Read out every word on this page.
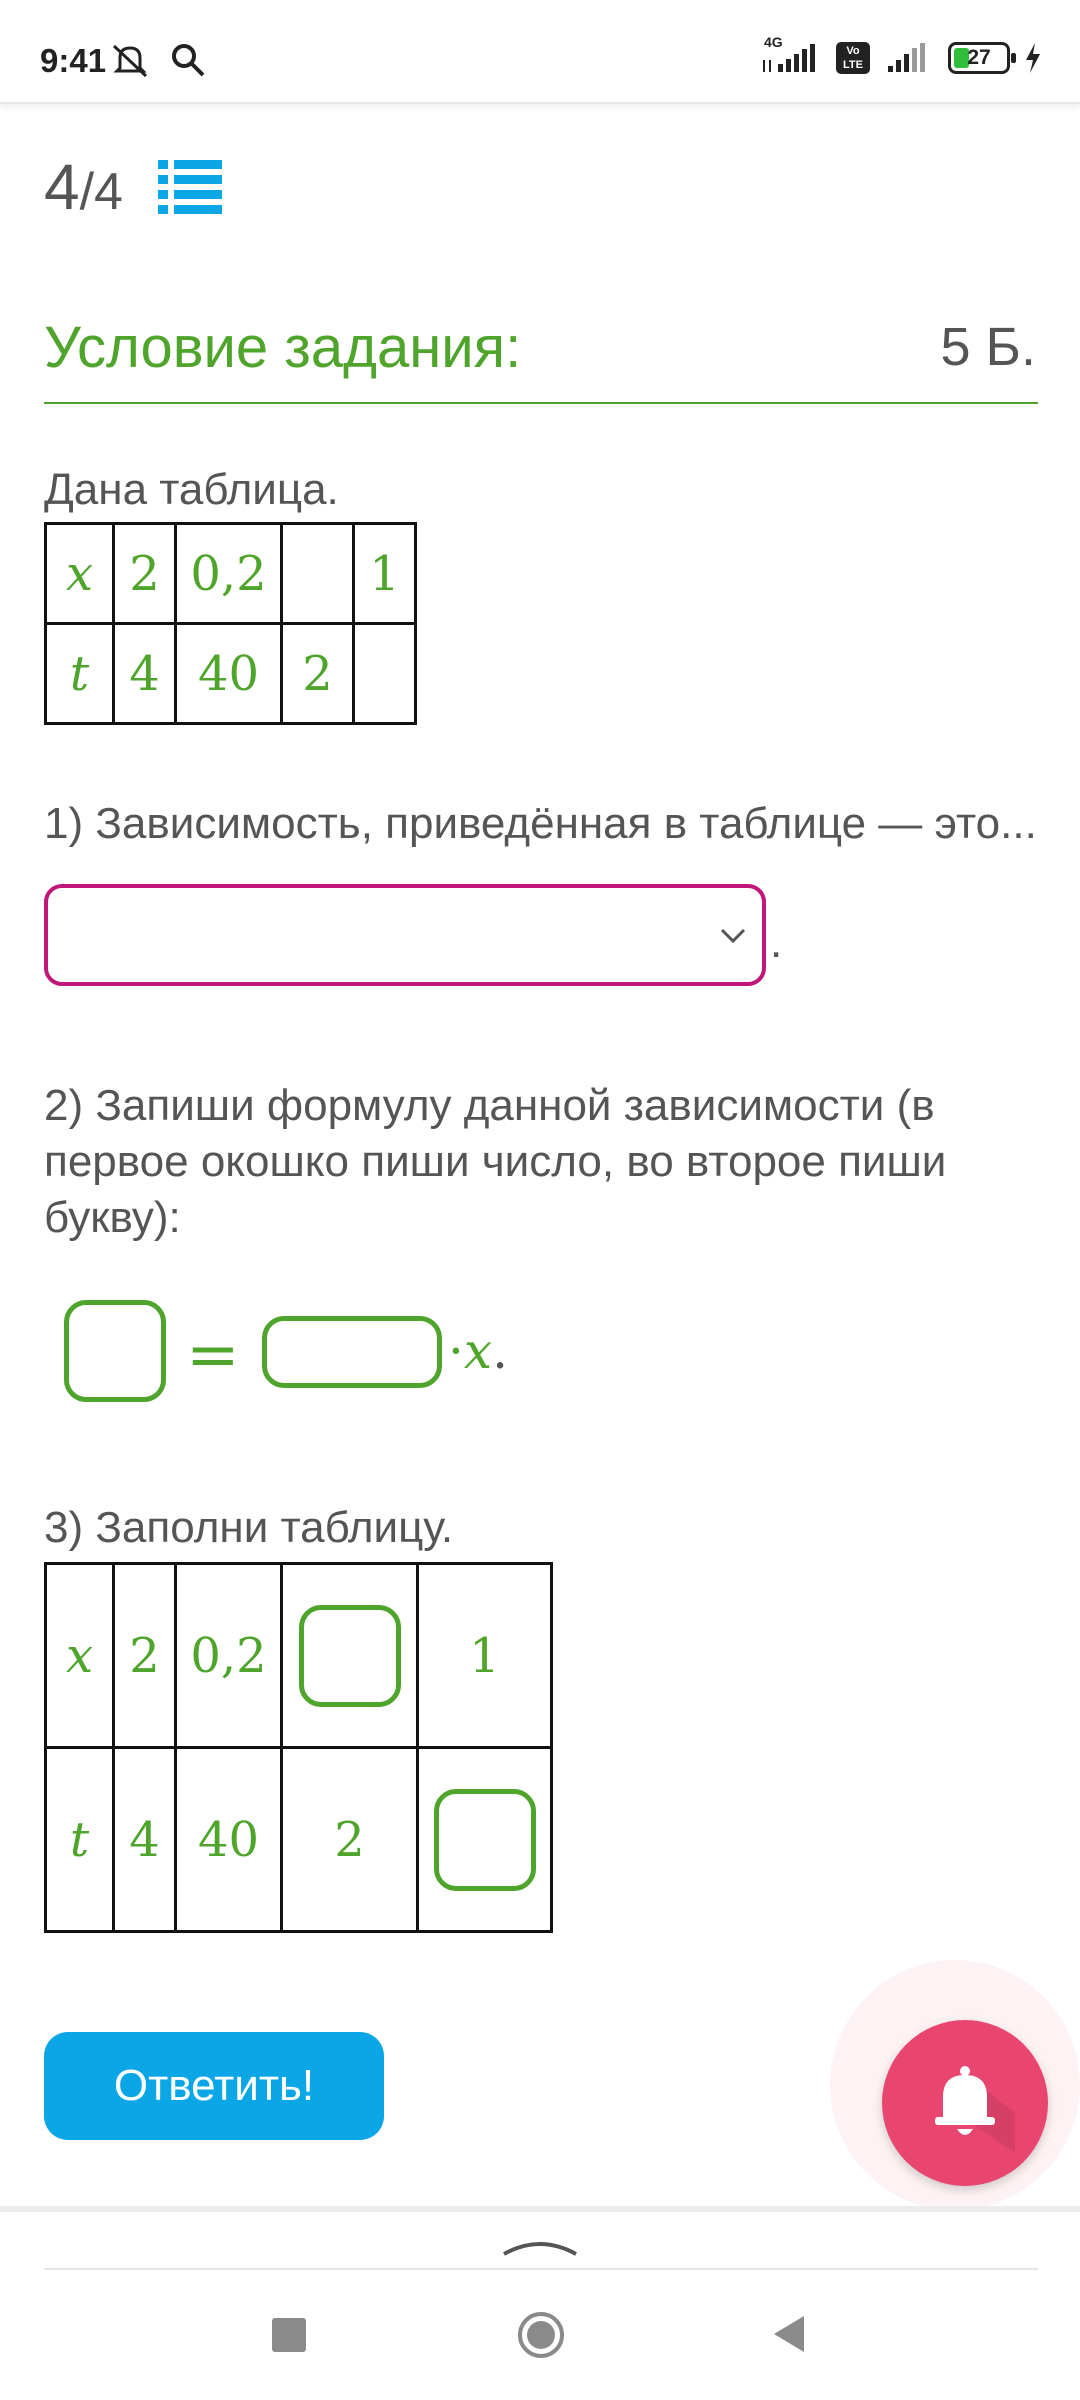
9:41	4G
Vo LTE	27
4 /4
Условие задания:	5 Б.
Дана таблица.
x	2	0,2		1
t	4	40	2	
1) Зависимость, приведённая в таблице — это...
.
2) Запиши формулу данной зависимости (в первое окошко пиши число, во второе пиши букву):
=	·x.
3) Заполни таблицу.
x	2	0,2		1
t	4	40	2	
Ответить!
